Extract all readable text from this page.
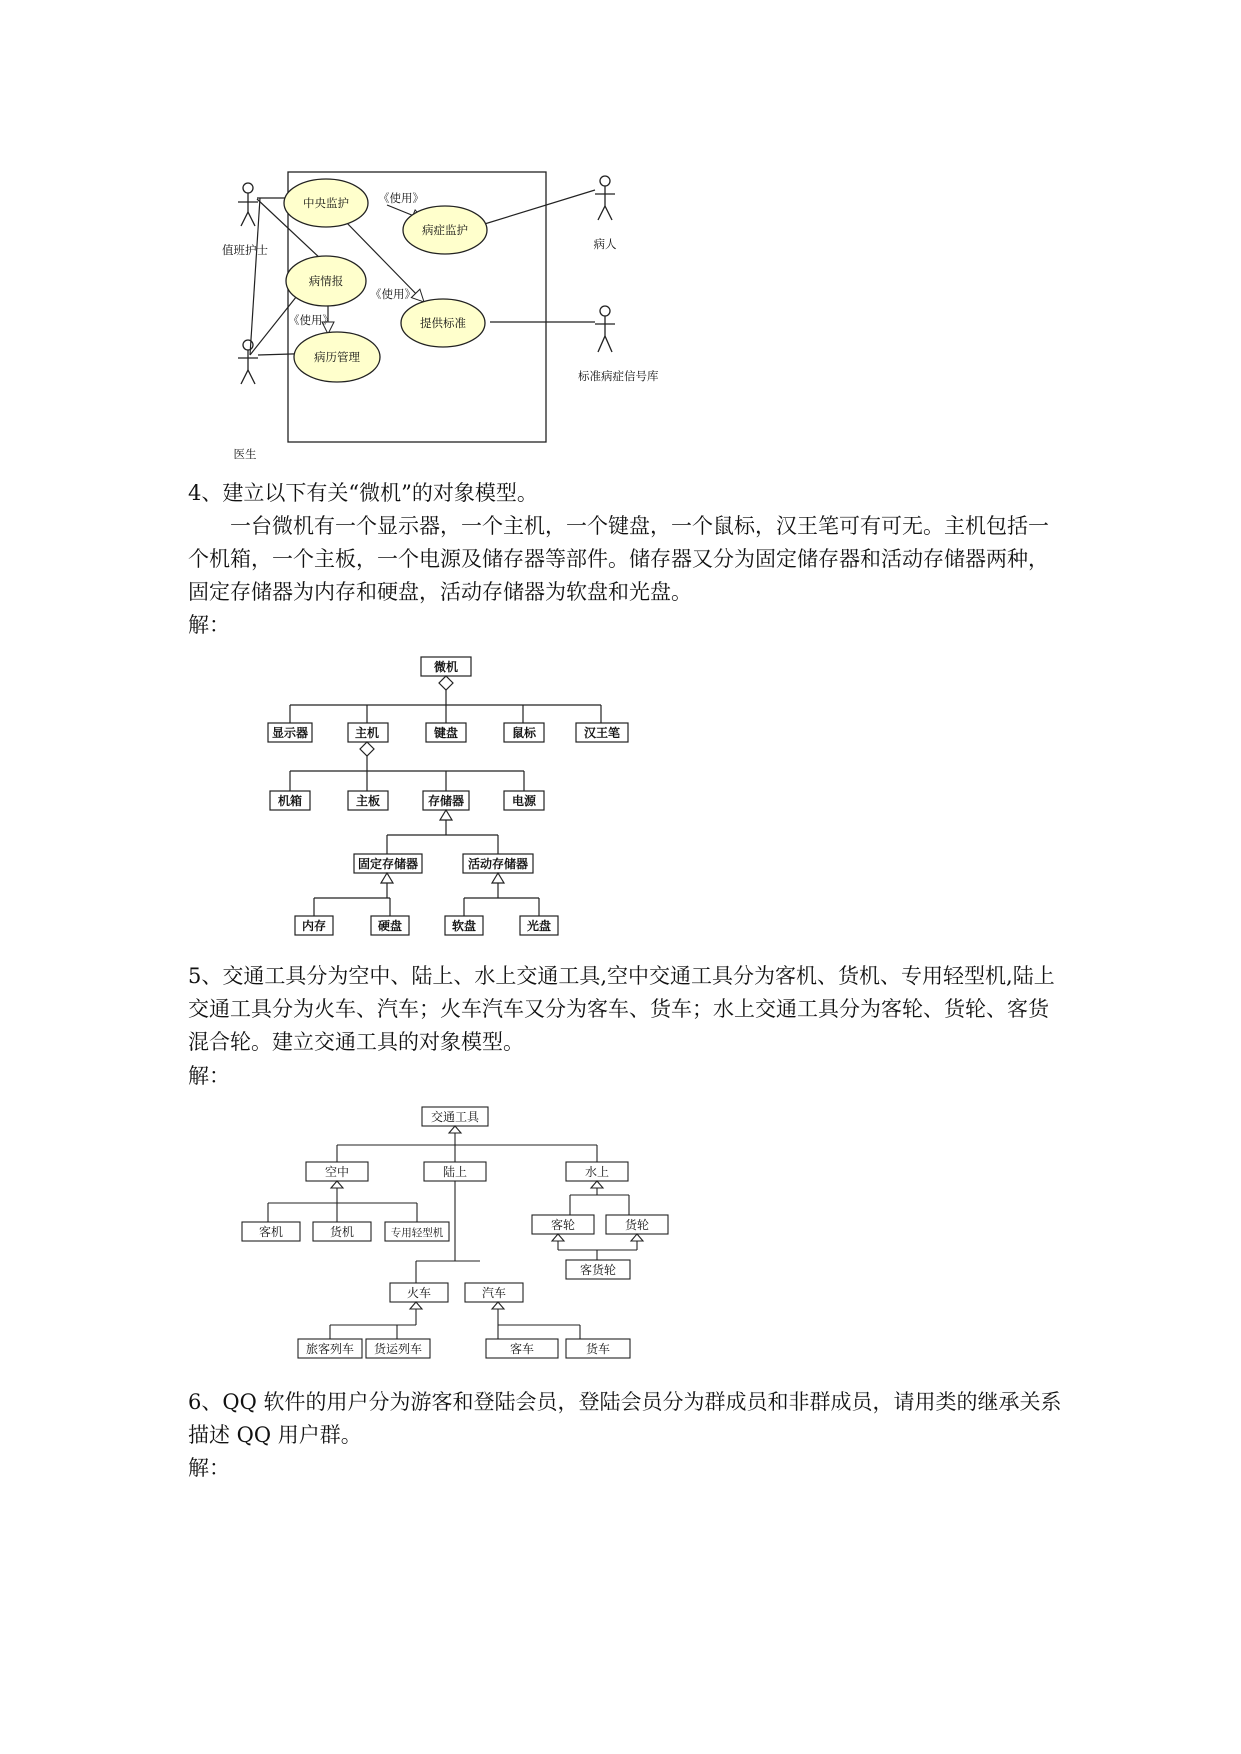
中央监护
病症监护
病情报
提供标准
病历管理
《使用》
《使用》
《使用》
值班护士
医生
病人
标准病症信号库

4、建立以下有关“微机”的对象模型。

一台微机有一个显示器，一个主机，一个键盘，一个鼠标，汉王笔可有可无。主机包括一个机箱，一个主板，一个电源及储存器等部件。储存器又分为固定储存器和活动存储器两种，固定存储器为内存和硬盘，活动存储器为软盘和光盘。

解：

微机
显示器	主机	键盘	鼠标	汉王笔
机箱	主板	存储器	电源
固定存储器	活动存储器
内存	硬盘	软盘	光盘

5、交通工具分为空中、陆上、水上交通工具,空中交通工具分为客机、货机、专用轻型机,陆上交通工具分为火车、汽车；火车汽车又分为客车、货车；水上交通工具分为客轮、货轮、客货混合轮。建立交通工具的对象模型。

解：

交通工具
空中	陆上	水上
客机	货机	专用轻型机
火车	汽车
旅客列车 货运列车	客车	货车
客轮	货轮
客货轮

6、QQ 软件的用户分为游客和登陆会员，登陆会员分为群成员和非群成员，请用类的继承关系描述 QQ 用户群。

解：
